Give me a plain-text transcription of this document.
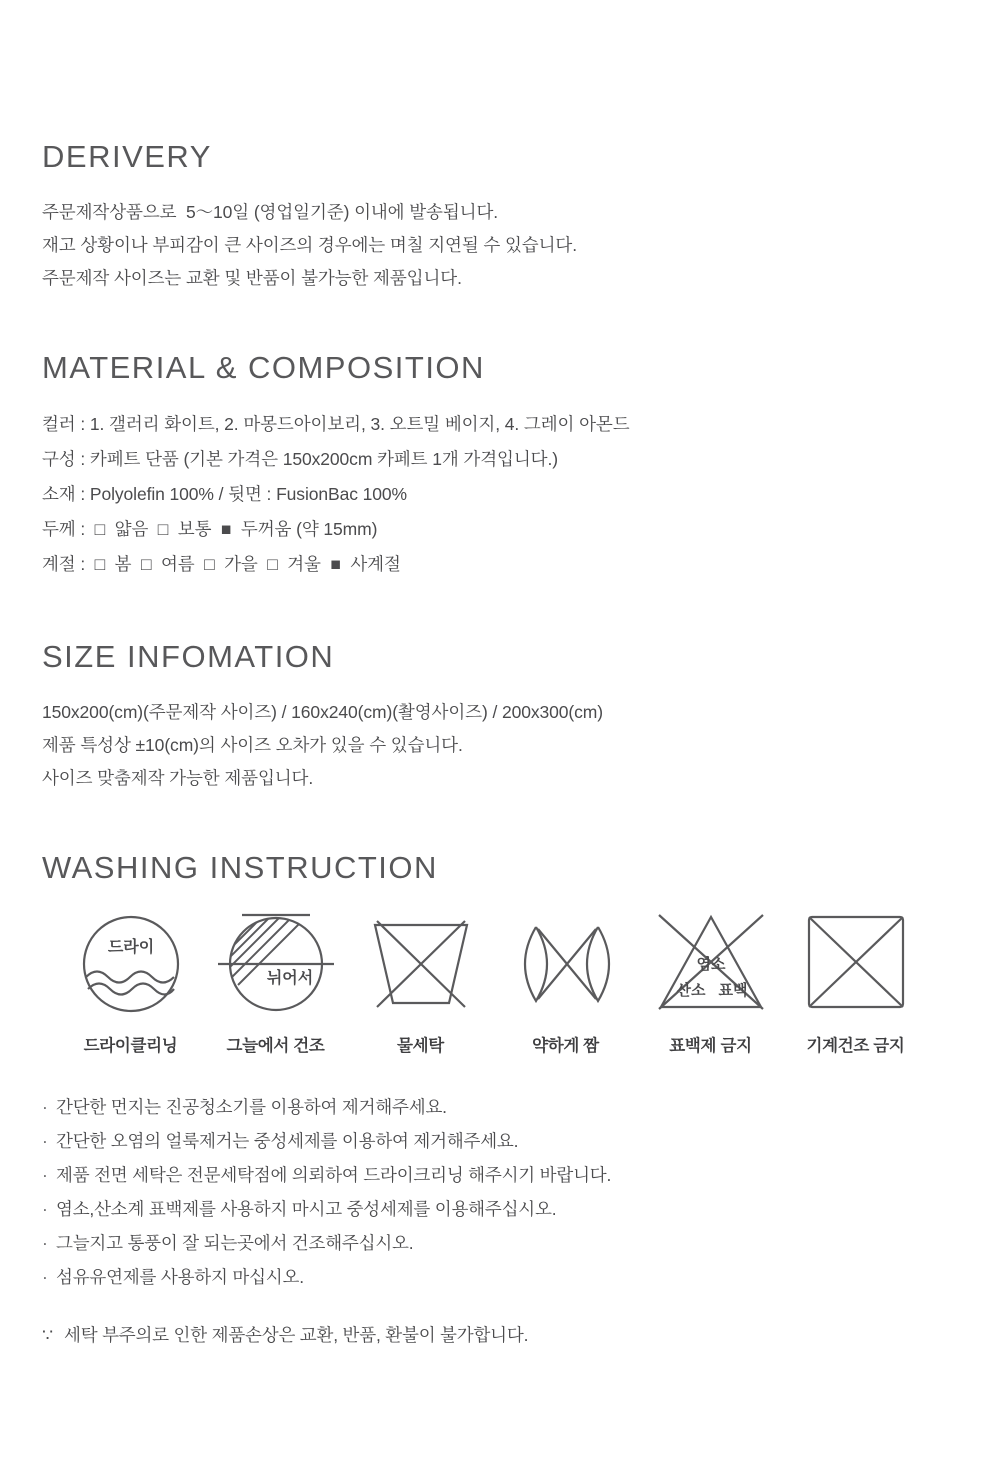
DERIVERY
주문제작상품으로  5〜10일 (영업일기준) 이내에 발송됩니다.
재고 상황이나 부피감이 큰 사이즈의 경우에는 며칠 지연될 수 있습니다.
주문제작 사이즈는 교환 및 반품이 불가능한 제품입니다.
MATERIAL & COMPOSITION
컬러 : 1. 갤러리 화이트, 2. 마몽드아이보리, 3. 오트밀 베이지, 4. 그레이 아몬드
구성 : 카페트 단품 (기본 가격은 150x200cm 카페트 1개 가격입니다.)
소재 : Polyolefin 100% / 뒷면 : FusionBac 100%
두께 :  □  얇음  □  보통  ■  두꺼움 (약 15mm)
계절 :  □  봄  □  여름  □  가을  □  겨울  ■  사계절
SIZE INFOMATION
150x200(cm)(주문제작 사이즈) / 160x240(cm)(촬영사이즈) / 200x300(cm)
제품 특성상 ±10(cm)의 사이즈 오차가 있을 수 있습니다.
사이즈 맞춤제작 가능한 제품입니다.
WASHING INSTRUCTION
드라이
드라이클리닝
뉘어서
그늘에서 건조	물세탁	약하게 짬
염소
산소 표백
표백제 금지	기계건조 금지
· 간단한 먼지는 진공청소기를 이용하여 제거해주세요.
· 간단한 오염의 얼룩제거는 중성세제를 이용하여 제거해주세요.
· 제품 전면 세탁은 전문세탁점에 의뢰하여 드라이크리닝 해주시기 바랍니다.
· 염소,산소계 표백제를 사용하지 마시고 중성세제를 이용해주십시오.
· 그늘지고 통풍이 잘 되는곳에서 건조해주십시오.
· 섬유유연제를 사용하지 마십시오.
∵ 세탁 부주의로 인한 제품손상은 교환, 반품, 환불이 불가합니다.
